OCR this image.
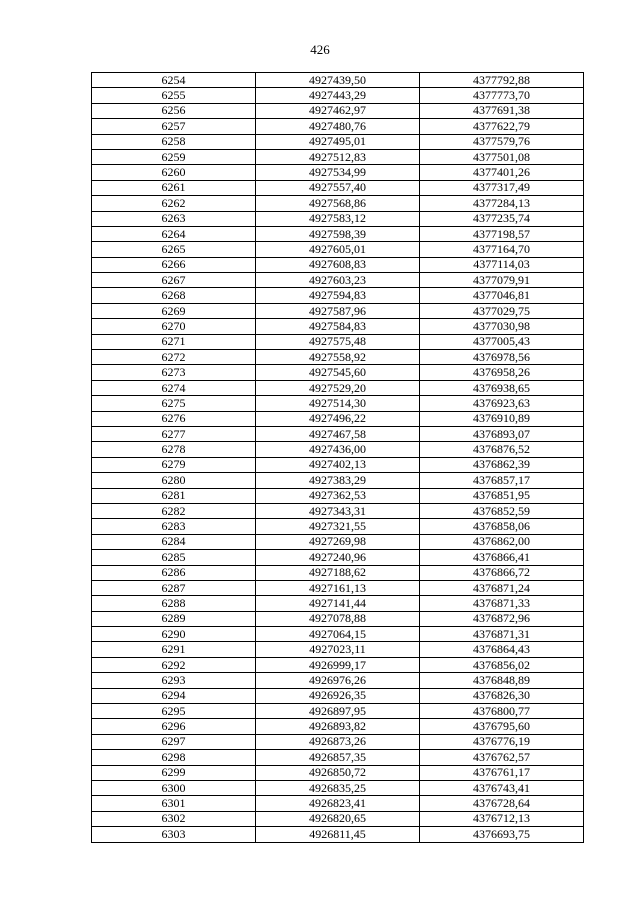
426
6254	4927439,50	4377792,88
6255	4927443,29	4377773,70
6256	4927462,97	4377691,38
6257	4927480,76	4377622,79
6258	4927495,01	4377579,76
6259	4927512,83	4377501,08
6260	4927534,99	4377401,26
6261	4927557,40	4377317,49
6262	4927568,86	4377284,13
6263	4927583,12	4377235,74
6264	4927598,39	4377198,57
6265	4927605,01	4377164,70
6266	4927608,83	4377114,03
6267	4927603,23	4377079,91
6268	4927594,83	4377046,81
6269	4927587,96	4377029,75
6270	4927584,83	4377030,98
6271	4927575,48	4377005,43
6272	4927558,92	4376978,56
6273	4927545,60	4376958,26
6274	4927529,20	4376938,65
6275	4927514,30	4376923,63
6276	4927496,22	4376910,89
6277	4927467,58	4376893,07
6278	4927436,00	4376876,52
6279	4927402,13	4376862,39
6280	4927383,29	4376857,17
6281	4927362,53	4376851,95
6282	4927343,31	4376852,59
6283	4927321,55	4376858,06
6284	4927269,98	4376862,00
6285	4927240,96	4376866,41
6286	4927188,62	4376866,72
6287	4927161,13	4376871,24
6288	4927141,44	4376871,33
6289	4927078,88	4376872,96
6290	4927064,15	4376871,31
6291	4927023,11	4376864,43
6292	4926999,17	4376856,02
6293	4926976,26	4376848,89
6294	4926926,35	4376826,30
6295	4926897,95	4376800,77
6296	4926893,82	4376795,60
6297	4926873,26	4376776,19
6298	4926857,35	4376762,57
6299	4926850,72	4376761,17
6300	4926835,25	4376743,41
6301	4926823,41	4376728,64
6302	4926820,65	4376712,13
6303	4926811,45	4376693,75
